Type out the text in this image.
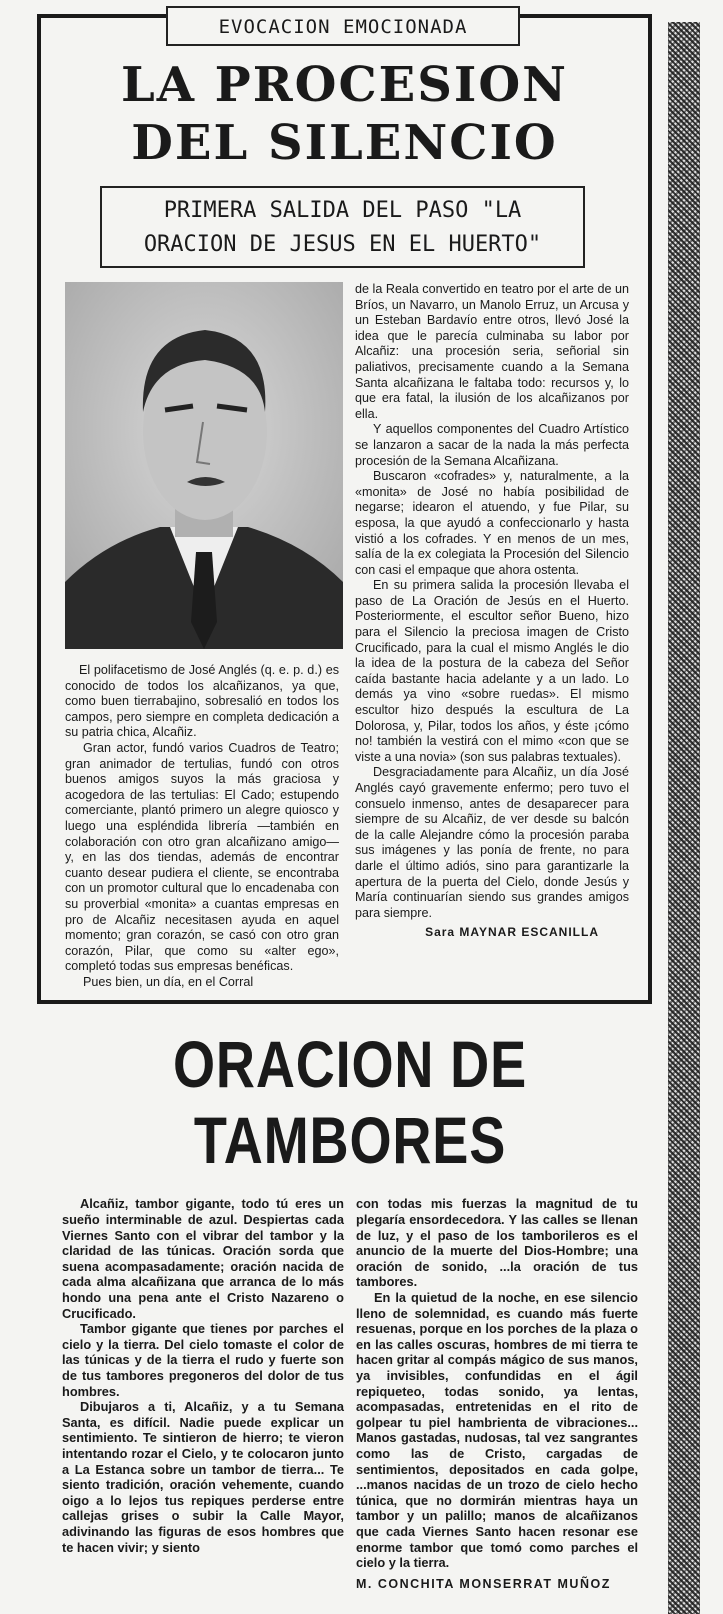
EVOCACION EMOCIONADA
LA PROCESION
DEL SILENCIO
PRIMERA SALIDA DEL PASO "LA
ORACION DE JESUS EN EL HUERTO"

El polifacetismo de José Anglés (q. e. p. d.) es conocido de todos los alcañizanos, ya que, como buen tierrabajino, sobresalió en todos los campos, pero siempre en completa dedicación a su patria chica, Alcañiz.

Gran actor, fundó varios Cuadros de Teatro; gran animador de tertulias, fundó con otros buenos amigos suyos la más graciosa y acogedora de las tertulias: El Cado; estupendo comerciante, plantó primero un alegre quiosco y luego una espléndida librería —también en colaboración con otro gran alcañizano amigo— y, en las dos tiendas, además de encontrar cuanto desear pudiera el cliente, se encontraba con un promotor cultural que lo encadenaba con su proverbial «monita» a cuantas empresas en pro de Alcañiz necesitasen ayuda en aquel momento; gran corazón, se casó con otro gran corazón, Pilar, que como su «alter ego», completó todas sus empresas benéficas.

Pues bien, un día, en el Corral

de la Reala convertido en teatro por el arte de un Bríos, un Navarro, un Manolo Erruz, un Arcusa y un Esteban Bardavío entre otros, llevó José la idea que le parecía culminaba su labor por Alcañiz: una procesión seria, señorial sin paliativos, precisamente cuando a la Semana Santa alcañizana le faltaba todo: recursos y, lo que era fatal, la ilusión de los alcañizanos por ella.

Y aquellos componentes del Cuadro Artístico se lanzaron a sacar de la nada la más perfecta procesión de la Semana Alcañizana.

Buscaron «cofrades» y, naturalmente, a la «monita» de José no había posibilidad de negarse; idearon el atuendo, y fue Pilar, su esposa, la que ayudó a confeccionarlo y hasta vistió a los cofrades. Y en menos de un mes, salía de la ex colegiata la Procesión del Silencio con casi el empaque que ahora ostenta.

En su primera salida la procesión llevaba el paso de La Oración de Jesús en el Huerto. Posteriormente, el escultor señor Bueno, hizo para el Silencio la preciosa imagen de Cristo Crucificado, para la cual el mismo Anglés le dio la idea de la postura de la cabeza del Señor caída bastante hacia adelante y a un lado. Lo demás ya vino «sobre ruedas». El mismo escultor hizo después la escultura de La Dolorosa, y, Pilar, todos los años, y éste ¡cómo no! también la vestirá con el mimo «con que se viste a una novia» (son sus palabras textuales).

Desgraciadamente para Alcañiz, un día José Anglés cayó gravemente enfermo; pero tuvo el consuelo inmenso, antes de desaparecer para siempre de su Alcañiz, de ver desde su balcón de la calle Alejandre cómo la procesión paraba sus imágenes y las ponía de frente, no para darle el último adiós, sino para garantizarle la apertura de la puerta del Cielo, donde Jesús y María continuarían siendo sus grandes amigos para siempre.

Sara MAYNAR ESCANILLA
ORACION DE TAMBORES

Alcañiz, tambor gigante, todo tú eres un sueño interminable de azul. Despiertas cada Viernes Santo con el vibrar del tambor y la claridad de las túnicas. Oración sorda que suena acompasadamente; oración nacida de cada alma alcañizana que arranca de lo más hondo una pena ante el Cristo Nazareno o Crucificado.

Tambor gigante que tienes por parches el cielo y la tierra. Del cielo tomaste el color de las túnicas y de la tierra el rudo y fuerte son de tus tambores pregoneros del dolor de tus hombres.

Dibujaros a ti, Alcañiz, y a tu Semana Santa, es difícil. Nadie puede explicar un sentimiento. Te sintieron de hierro; te vieron intentando rozar el Cielo, y te colocaron junto a La Estanca sobre un tambor de tierra... Te siento tradición, oración vehemente, cuando oigo a lo lejos tus repiques perderse entre callejas grises o subir la Calle Mayor, adivinando las figuras de esos hombres que te hacen vivir; y siento

con todas mis fuerzas la magnitud de tu plegaría ensordecedora. Y las calles se llenan de luz, y el paso de los tamborileros es el anuncio de la muerte del Dios-Hombre; una oración de sonido, ...la oración de tus tambores.

En la quietud de la noche, en ese silencio lleno de solemnidad, es cuando más fuerte resuenas, porque en los porches de la plaza o en las calles oscuras, hombres de mi tierra te hacen gritar al compás mágico de sus manos, ya invisibles, confundidas en el ágil repiqueteo, todas sonido, ya lentas, acompasadas, entretenidas en el rito de golpear tu piel hambrienta de vibraciones... Manos gastadas, nudosas, tal vez sangrantes como las de Cristo, cargadas de sentimientos, depositados en cada golpe, ...manos nacidas de un trozo de cielo hecho túnica, que no dormirán mientras haya un tambor y un palillo; manos de alcañizanos que cada Viernes Santo hacen resonar ese enorme tambor que tomó como parches el cielo y la tierra.

M. CONCHITA MONSERRAT MUÑOZ
